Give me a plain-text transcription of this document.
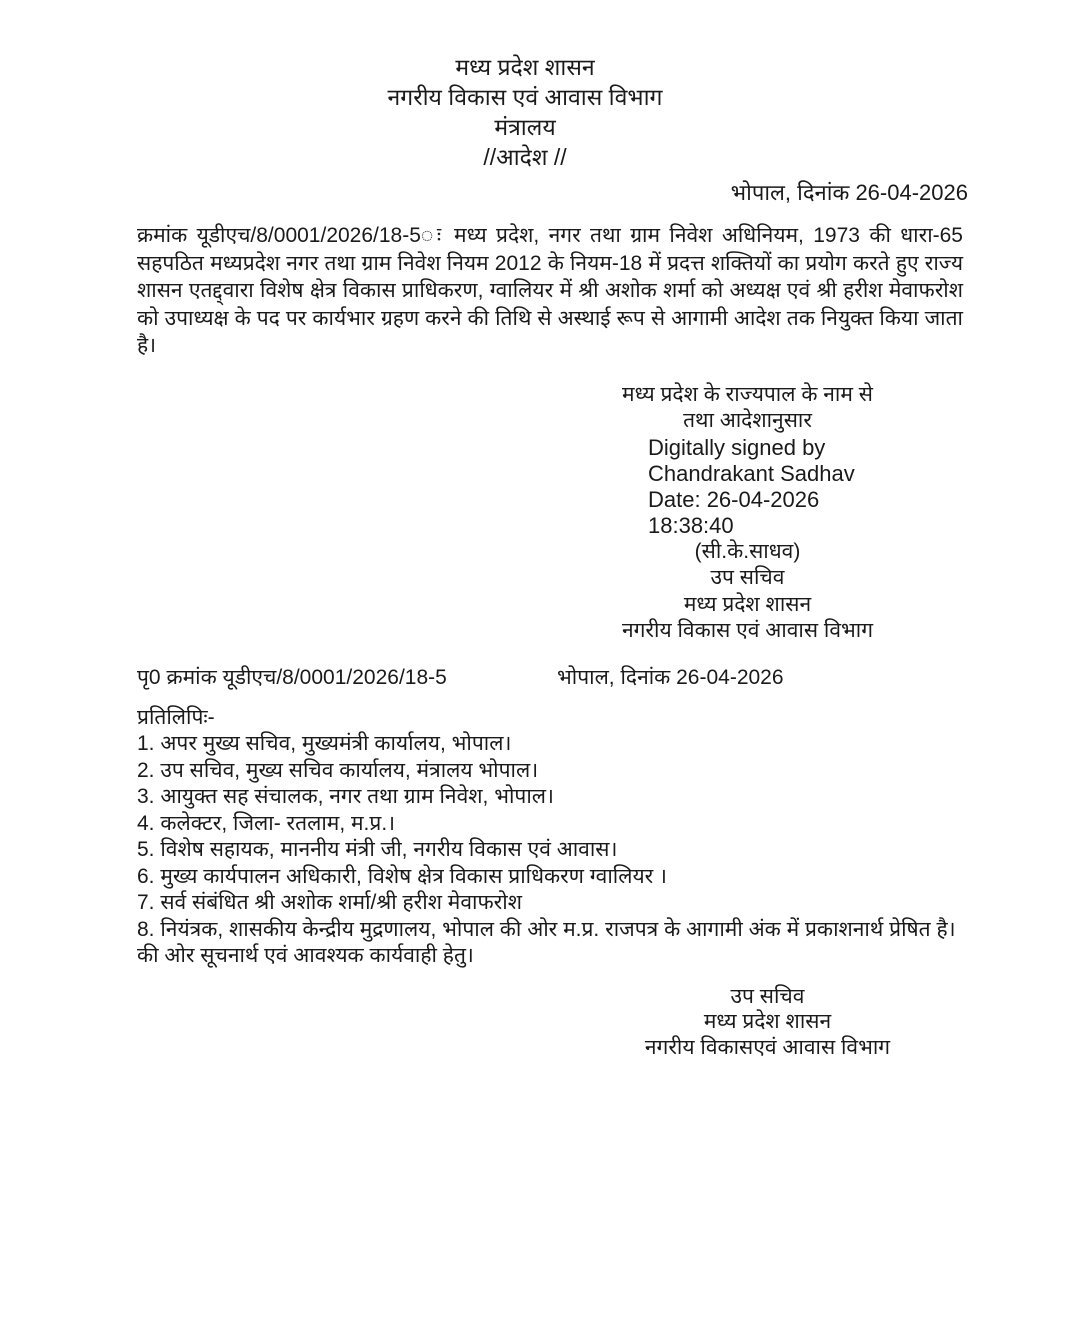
मध्य प्रदेश शासन
नगरीय विकास एवं आवास विभाग
मंत्रालय
//आदेश //
भोपाल, दिनांक 26-04-2026
क्रमांक यूडीएच/8/0001/2026/18-5◌ः मध्य प्रदेश, नगर तथा ग्राम निवेश अधिनियम, 1973 की धारा-65 सहपठित मध्यप्रदेश नगर तथा ग्राम निवेश नियम 2012 के नियम-18 में प्रदत्त शक्तियों का प्रयोग करते हुए राज्य शासन एतद्द्वारा विशेष क्षेत्र विकास प्राधिकरण, ग्वालियर में श्री अशोक शर्मा को अध्यक्ष एवं श्री हरीश मेवाफरोश को उपाध्यक्ष के पद पर कार्यभार ग्रहण करने की तिथि से अस्थाई रूप से आगामी आदेश तक नियुक्त किया जाता है।
मध्य प्रदेश के राज्यपाल के नाम से
तथा आदेशानुसार
Digitally signed by
Chandrakant Sadhav
Date: 26-04-2026
18:38:40
(सी.के.साधव)
उप सचिव
मध्य प्रदेश शासन
नगरीय विकास एवं आवास विभाग
पृ0 क्रमांक यूडीएच/8/0001/2026/18-5	भोपाल, दिनांक 26-04-2026
प्रतिलिपिः-
1. अपर मुख्य सचिव, मुख्यमंत्री कार्यालय, भोपाल।
2. उप सचिव, मुख्य सचिव कार्यालय, मंत्रालय भोपाल।
3. आयुक्त सह संचालक, नगर तथा ग्राम निवेश, भोपाल।
4. कलेक्टर, जिला- रतलाम, म.प्र.।
5. विशेष सहायक, माननीय मंत्री जी, नगरीय विकास एवं आवास।
6. मुख्य कार्यपालन अधिकारी, विशेष क्षेत्र विकास प्राधिकरण ग्वालियर ।
7. सर्व संबंधित श्री अशोक शर्मा/श्री हरीश मेवाफरोश
8. नियंत्रक, शासकीय केन्द्रीय मुद्रणालय, भोपाल की ओर म.प्र. राजपत्र के आगामी अंक में प्रकाशनार्थ प्रेषित है।
की ओर सूचनार्थ एवं आवश्यक कार्यवाही हेतु।
उप सचिव
मध्य प्रदेश शासन
नगरीय विकासएवं आवास विभाग
